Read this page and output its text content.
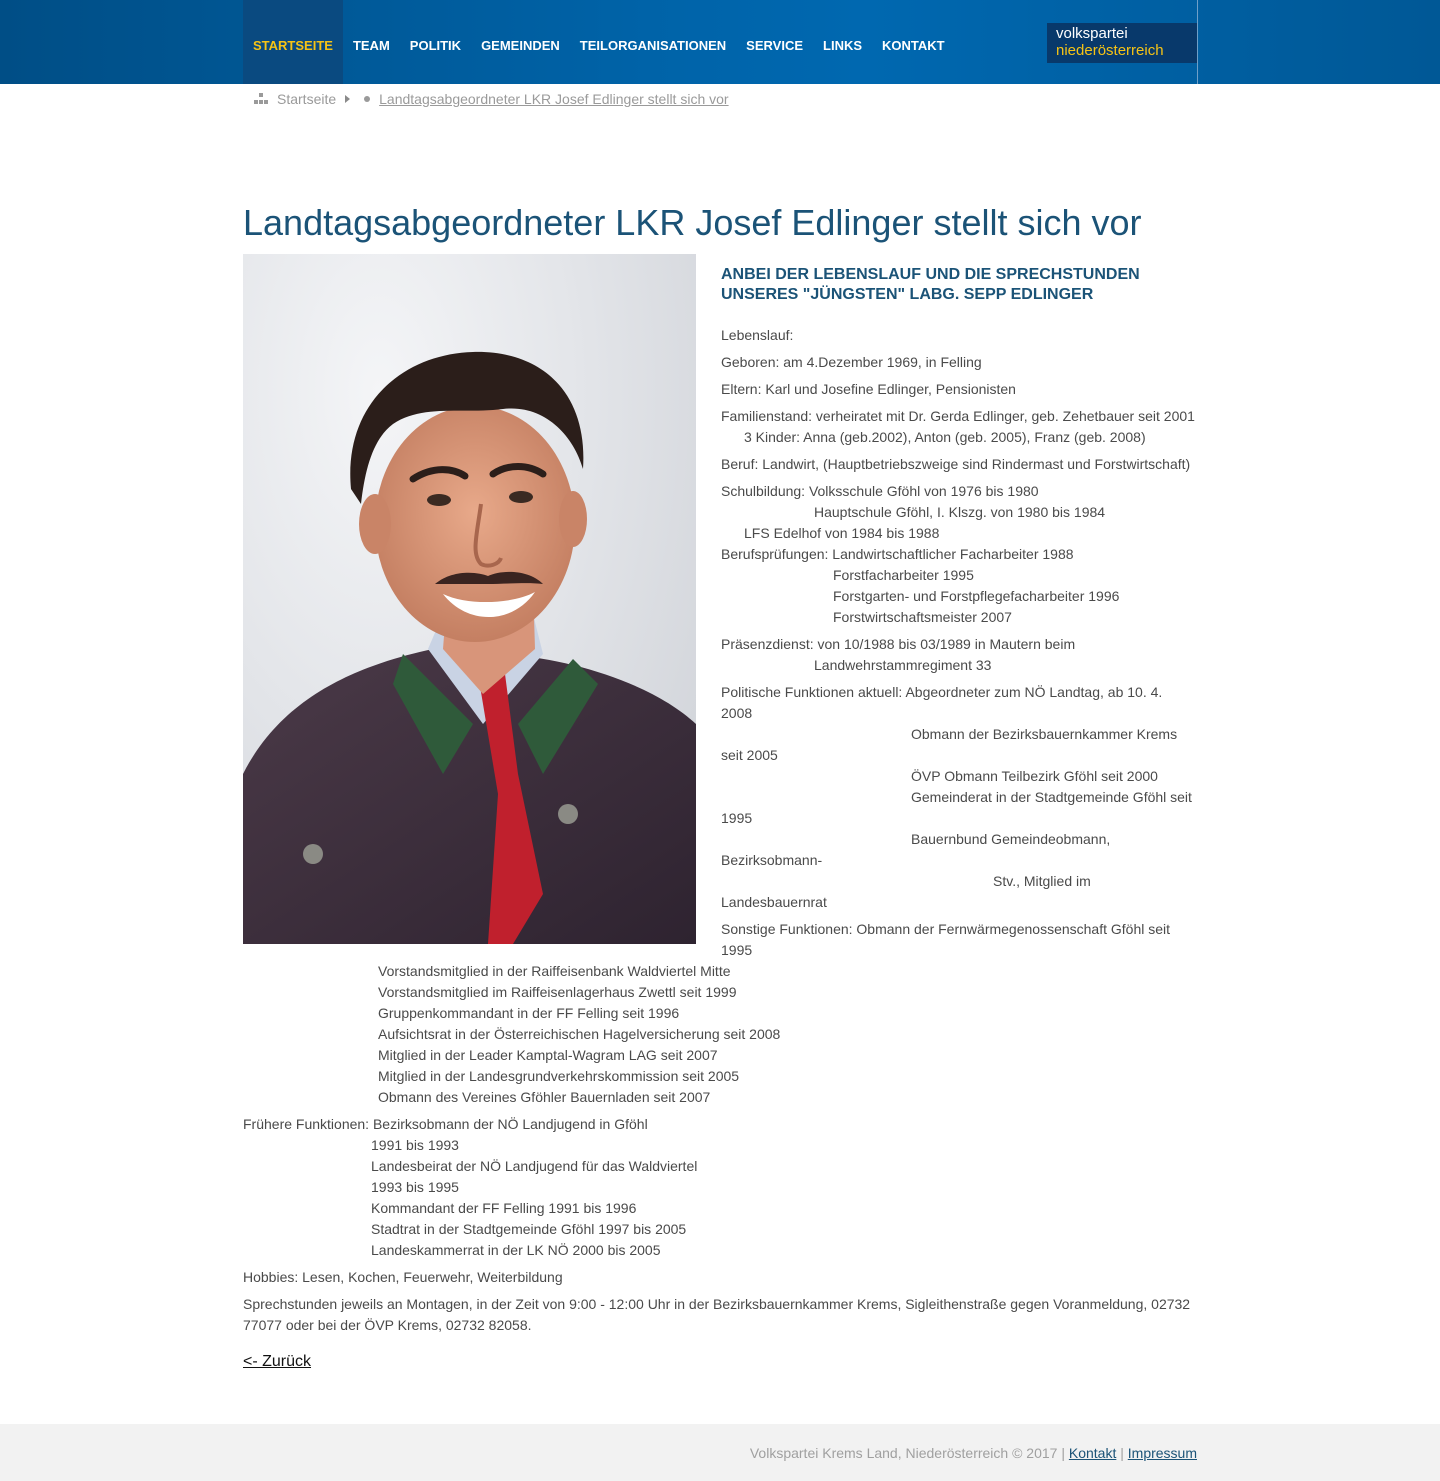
STARTSEITE	TEAM	POLITIK	GEMEINDEN	TEILORGANISATIONEN	SERVICE	LINKS	KONTAKT
volkspartei
niederösterreich
Startseite	Landtagsabgeordneter LKR Josef Edlinger stellt sich vor
Landtagsabgeordneter LKR Josef Edlinger stellt sich vor
ANBEI DER LEBENSLAUF UND DIE SPRECHSTUNDEN UNSERES "JÜNGSTEN" LABG. SEPP EDLINGER
Lebenslauf:
Geboren: am 4.Dezember 1969, in Felling
Eltern: Karl und Josefine Edlinger, Pensionisten
Familienstand: verheiratet mit Dr. Gerda Edlinger, geb. Zehetbauer seit 2001
3 Kinder: Anna (geb.2002), Anton (geb. 2005), Franz (geb. 2008)
Beruf: Landwirt, (Hauptbetriebszweige sind Rindermast und Forstwirtschaft)
Schulbildung: Volksschule Gföhl von 1976 bis 1980
Hauptschule Gföhl, I. Klszg. von 1980 bis 1984
LFS Edelhof von 1984 bis 1988
Berufsprüfungen: Landwirtschaftlicher Facharbeiter 1988
Forstfacharbeiter 1995
Forstgarten- und Forstpflegefacharbeiter 1996
Forstwirtschaftsmeister 2007
Präsenzdienst: von 10/1988 bis 03/1989 in Mautern beim
Landwehrstammregiment 33
Politische Funktionen aktuell: Abgeordneter zum NÖ Landtag, ab 10. 4.
2008
Obmann der Bezirksbauernkammer Krems
seit 2005
ÖVP Obmann Teilbezirk Gföhl seit 2000
Gemeinderat in der Stadtgemeinde Gföhl seit
1995
Bauernbund Gemeindeobmann,
Bezirksobmann-
Stv., Mitglied im
Landesbauernrat
Sonstige Funktionen: Obmann der Fernwärmegenossenschaft Gföhl seit
1995
Vorstandsmitglied in der Raiffeisenbank Waldviertel Mitte
Vorstandsmitglied im Raiffeisenlagerhaus Zwettl seit 1999
Gruppenkommandant in der FF Felling seit 1996
Aufsichtsrat in der Österreichischen Hagelversicherung seit 2008
Mitglied in der Leader Kamptal-Wagram LAG seit 2007
Mitglied in der Landesgrundverkehrskommission seit 2005
Obmann des Vereines Gföhler Bauernladen seit 2007
Frühere Funktionen: Bezirksobmann der NÖ Landjugend in Gföhl
1991 bis 1993
Landesbeirat der NÖ Landjugend für das Waldviertel
1993 bis 1995
Kommandant der FF Felling 1991 bis 1996
Stadtrat in der Stadtgemeinde Gföhl 1997 bis 2005
Landeskammerrat in der LK NÖ 2000 bis 2005
Hobbies: Lesen, Kochen, Feuerwehr, Weiterbildung
Sprechstunden jeweils an Montagen, in der Zeit von 9:00 - 12:00 Uhr in der Bezirksbauernkammer Krems, Sigleithenstraße gegen Voranmeldung, 02732
77077 oder bei der ÖVP Krems, 02732 82058.
<- Zurück
Volkspartei Krems Land, Niederösterreich © 2017 | Kontakt | Impressum
